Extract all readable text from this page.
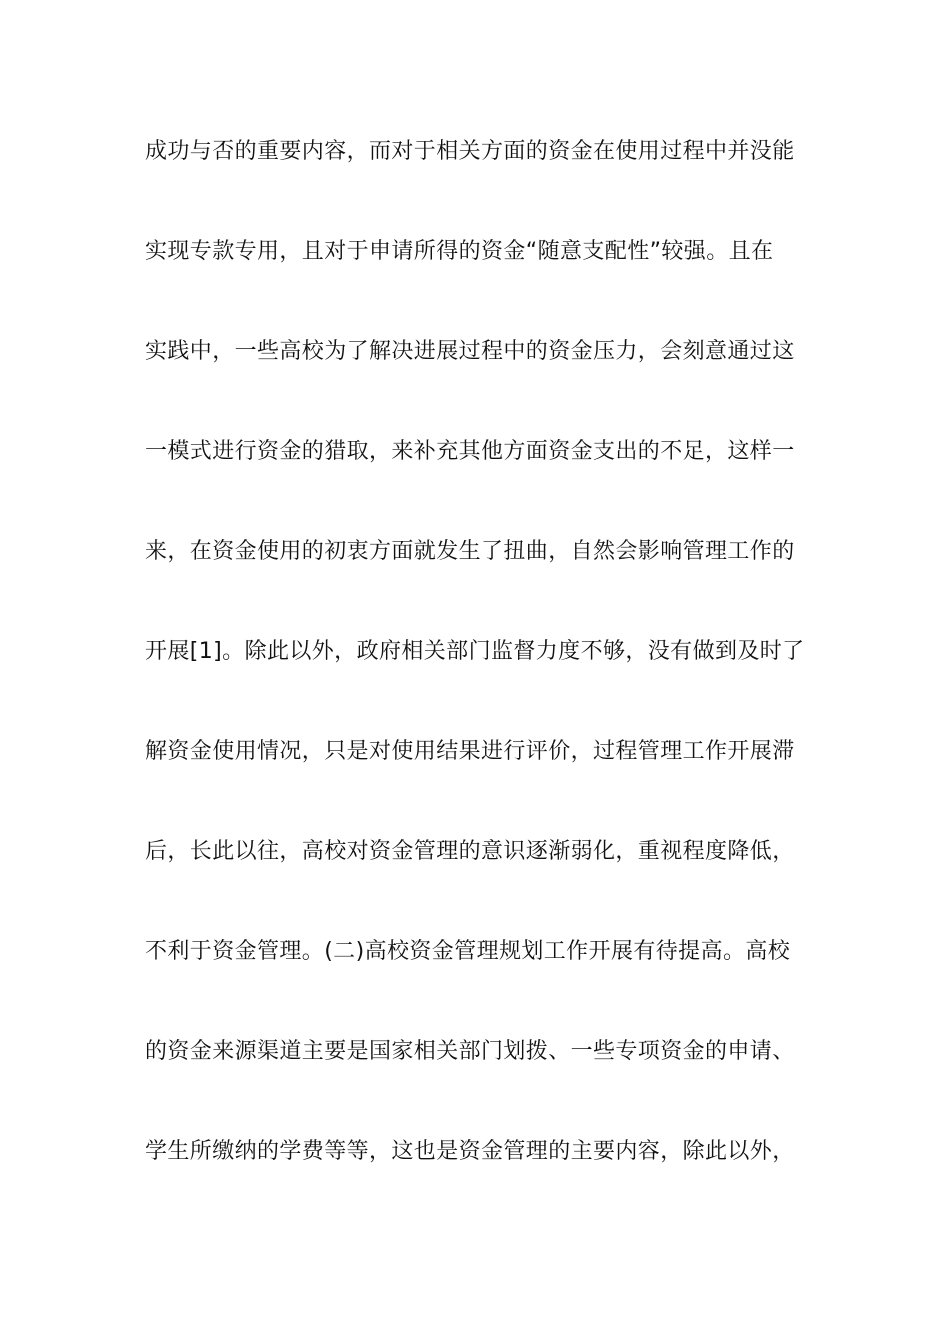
成功与否的重要内容，而对于相关方面的资金在使用过程中并没能
实现专款专用，且对于申请所得的资金“随意支配性”较强。且在
实践中，一些高校为了解决进展过程中的资金压力，会刻意通过这
一模式进行资金的猎取，来补充其他方面资金支出的不足，这样一
来，在资金使用的初衷方面就发生了扭曲，自然会影响管理工作的
开展[1]。除此以外，政府相关部门监督力度不够，没有做到及时了
解资金使用情况，只是对使用结果进行评价，过程管理工作开展滞
后，长此以往，高校对资金管理的意识逐渐弱化，重视程度降低，
不利于资金管理。(二)高校资金管理规划工作开展有待提高。高校
的资金来源渠道主要是国家相关部门划拨、一些专项资金的申请、
学生所缴纳的学费等等，这也是资金管理的主要内容，除此以外，
